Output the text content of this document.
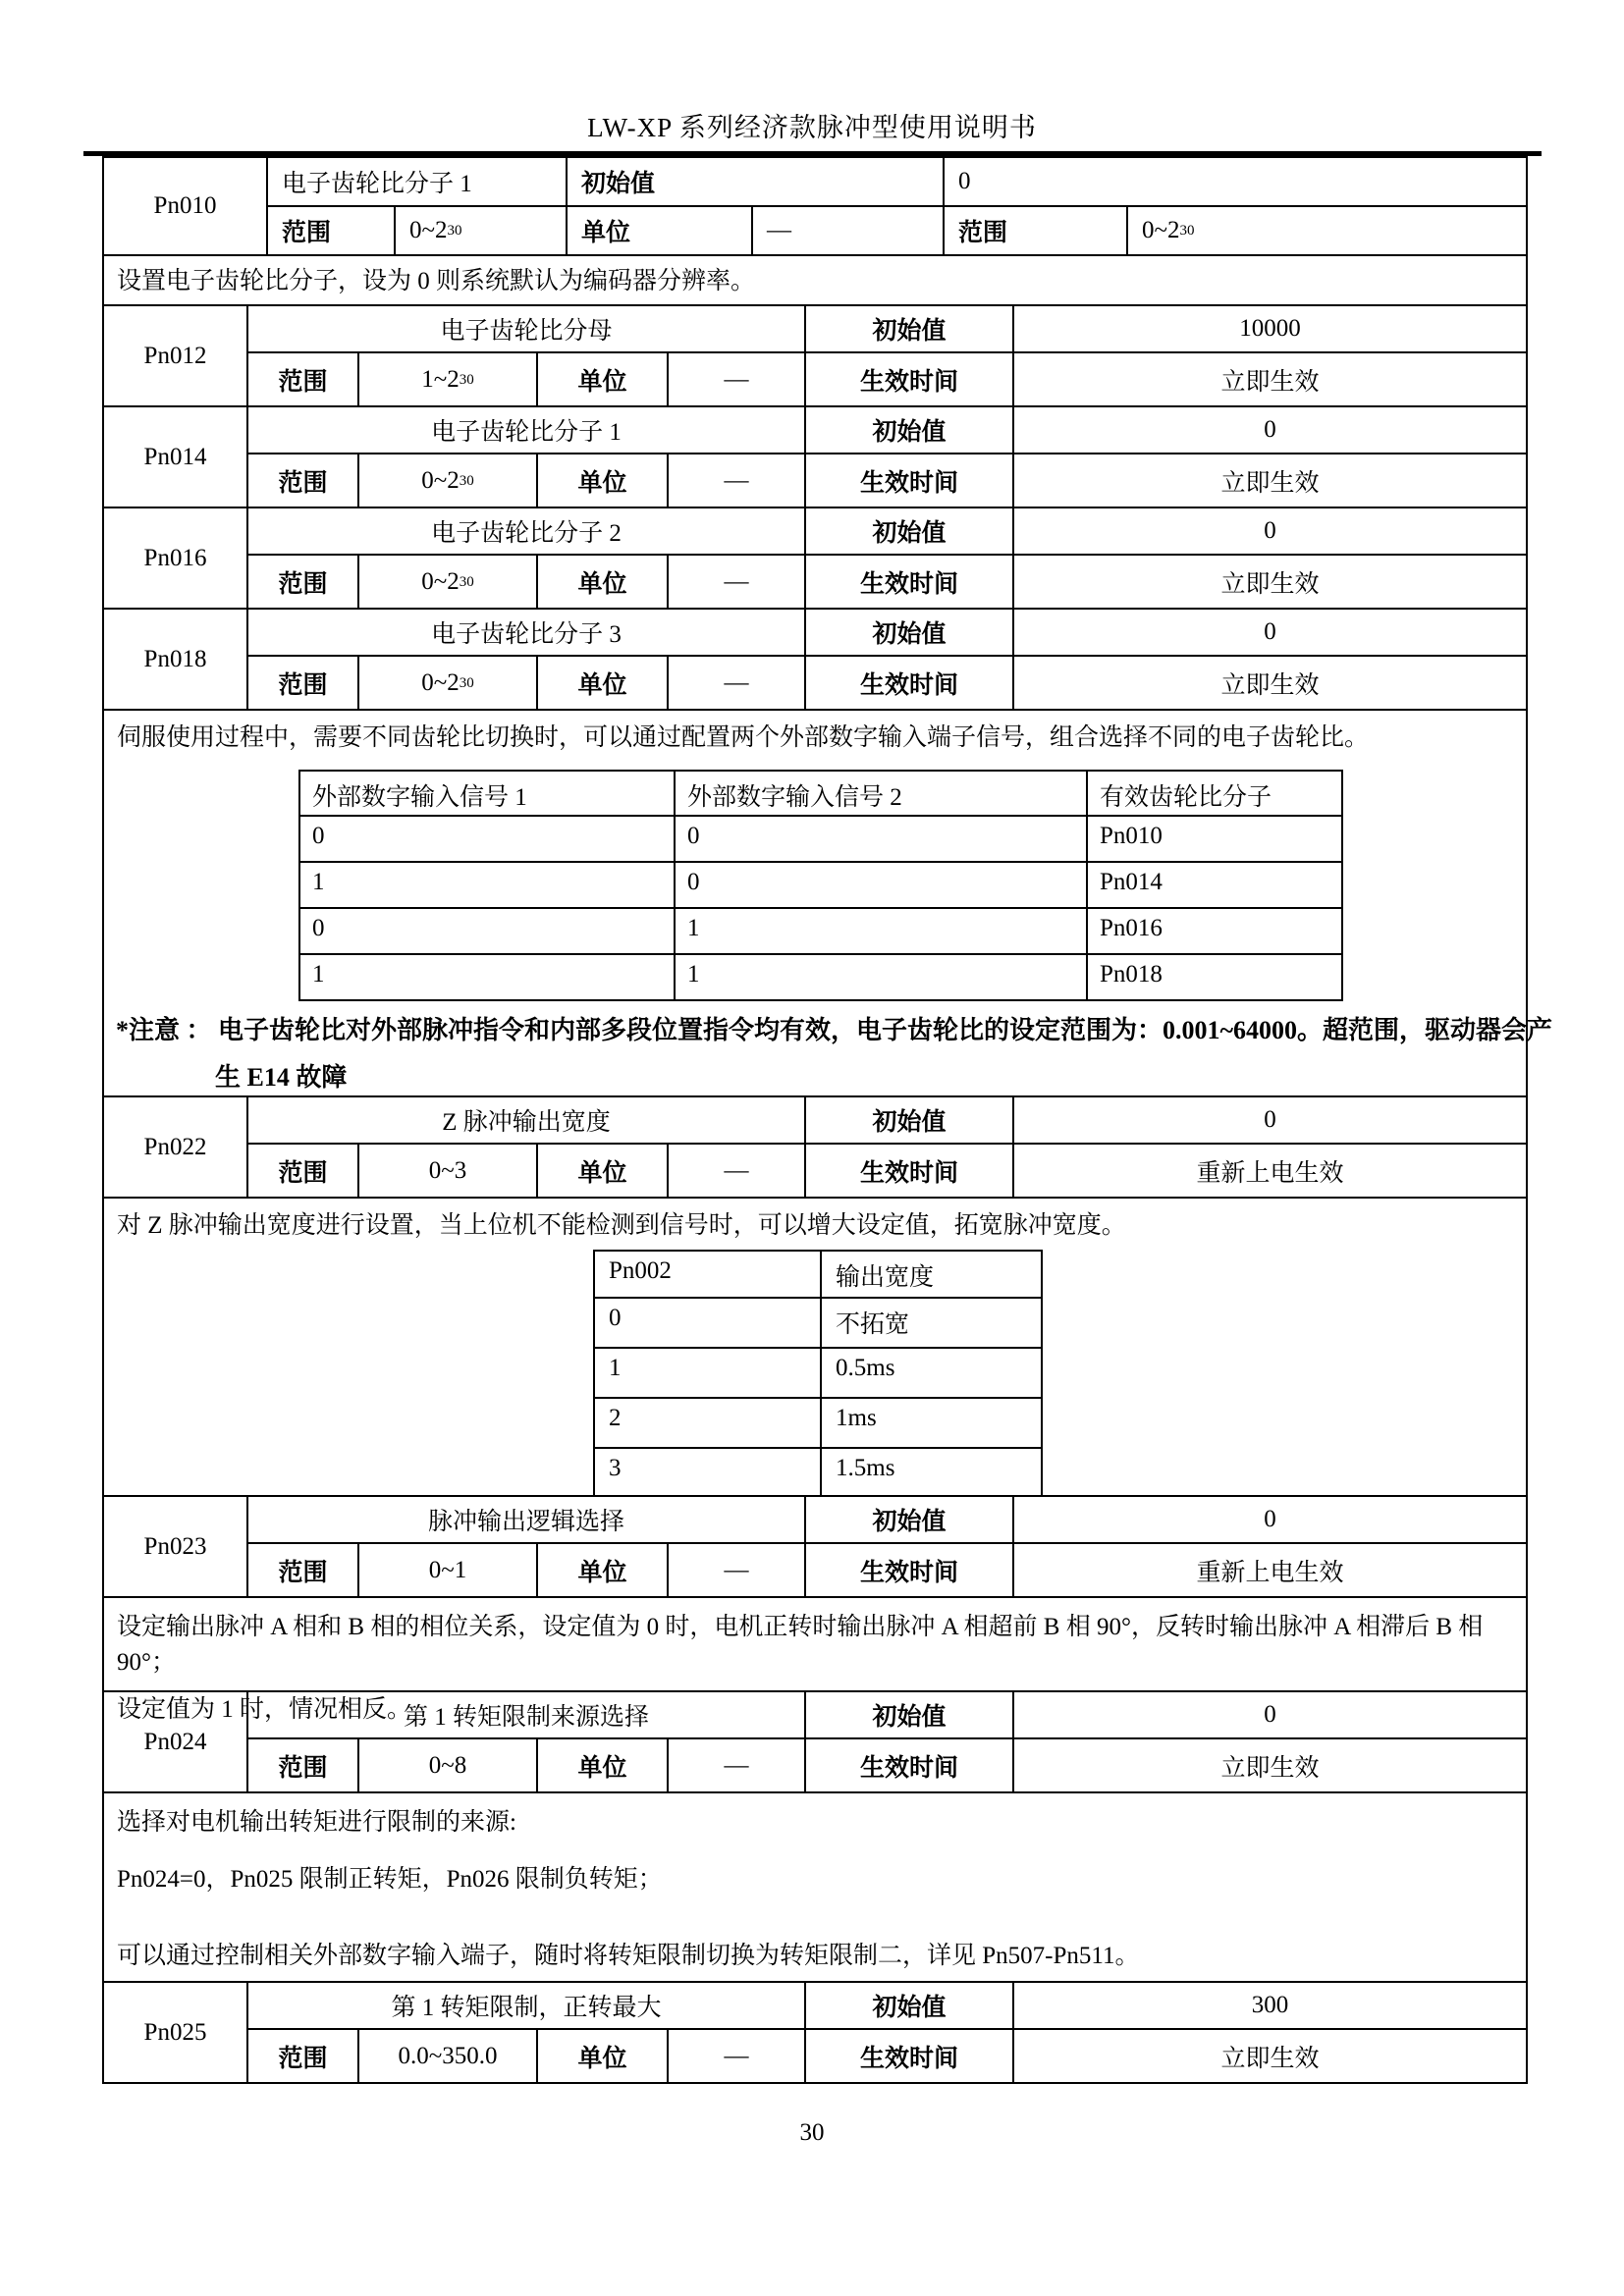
LW-XP 系列经济款脉冲型使用说明书
Pn010
电子齿轮比分子 1	初始值	0
范围	0~2 30	单位	—	范围	0~2 30
设置电子齿轮比分子，设为 0 则系统默认为编码器分辨率。
Pn012
电子齿轮比分母	初始值	10000
范围	1~2 30	单位	—	生效时间	立即生效
Pn014
电子齿轮比分子 1	初始值	0
范围	0~2 30	单位	—	生效时间	立即生效
Pn016
电子齿轮比分子 2	初始值	0
范围	0~2 30	单位	—	生效时间	立即生效
Pn018
电子齿轮比分子 3	初始值	0
范围	0~2 30	单位	—	生效时间	立即生效
伺服使用过程中，需要不同齿轮比切换时，可以通过配置两个外部数字输入端子信号，组合选择不同的电子齿轮比。
外部数字输入信号 1	外部数字输入信号 2	有效齿轮比分子
0	0	Pn010
1	0	Pn014
0	1	Pn016
1	1	Pn018
*注意 ： 电子齿轮比对外部脉冲指令和内部多段位置指令均有效，电子齿轮比的设定范围为：0.001~64000。超范围，驱动器会产
生 E14 故障
Pn022
Z 脉冲输出宽度	初始值	0
范围	0~3	单位	—	生效时间	重新上电生效
对 Z 脉冲输出宽度进行设置，当上位机不能检测到信号时，可以增大设定值，拓宽脉冲宽度。
Pn002	输出宽度
0	不拓宽
1	0.5ms
2	1ms
3	1.5ms
Pn023
脉冲输出逻辑选择	初始值	0
范围	0~1	单位	—	生效时间	重新上电生效
设定输出脉冲 A 相和 B 相的相位关系，设定值为 0 时，电机正转时输出脉冲 A 相超前 B 相 90°，反转时输出脉冲 A 相滞后 B 相 90°；
设定值为 1 时，情况相反。
Pn024
第 1 转矩限制来源选择	初始值	0
范围	0~8	单位	—	生效时间	立即生效
选择对电机输出转矩进行限制的来源:
Pn024=0，Pn025 限制正转矩，Pn026 限制负转矩；
可以通过控制相关外部数字输入端子，随时将转矩限制切换为转矩限制二，详见 Pn507-Pn511。
Pn025
第 1 转矩限制，正转最大	初始值	300
范围	0.0~350.0	单位	—	生效时间	立即生效
30
